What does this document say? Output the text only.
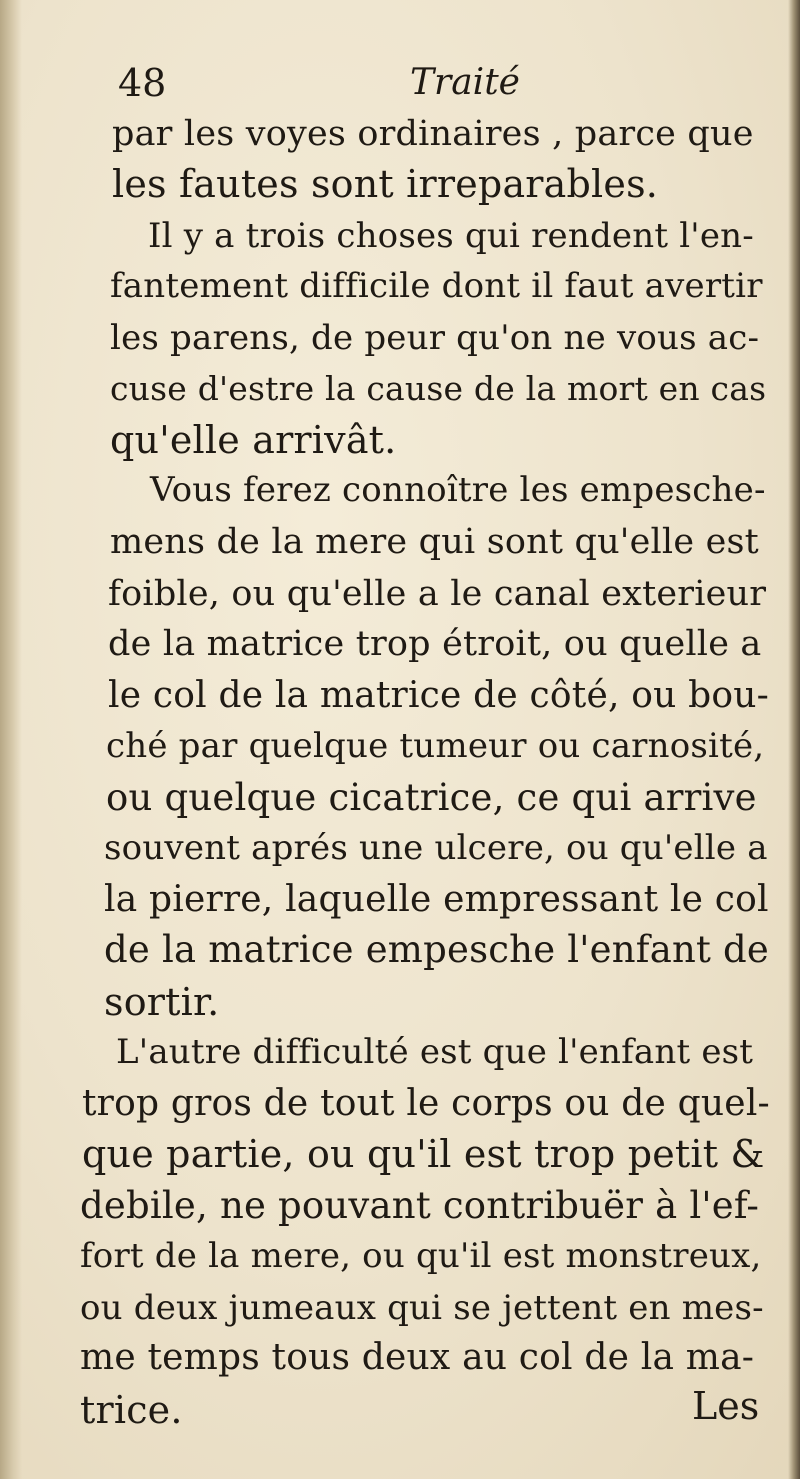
48	Traité
par les voyes ordinaires , parce que
les fautes sont irreparables.
Il y a trois choses qui rendent l'en-
fantement difficile dont il faut avertir
les parens, de peur qu'on ne vous ac-
cuse d'estre la cause de la mort en cas
qu'elle arrivât.
Vous ferez connoître les empesche-
mens de la mere qui sont qu'elle est
foible, ou qu'elle a le canal exterieur
de la matrice trop étroit, ou quelle a
le col de la matrice de côté, ou bou-
ché par quelque tumeur ou carnosité,
ou quelque cicatrice, ce qui arrive
souvent aprés une ulcere, ou qu'elle a
la pierre, laquelle empressant le col
de la matrice empesche l'enfant de
sortir.
L'autre difficulté est que l'enfant est
trop gros de tout le corps ou de quel-
que partie, ou qu'il est trop petit &
debile, ne pouvant contribuër à l'ef-
fort de la mere, ou qu'il est monstreux,
ou deux jumeaux qui se jettent en mes-
me temps tous deux au col de la ma-
trice.	Les
